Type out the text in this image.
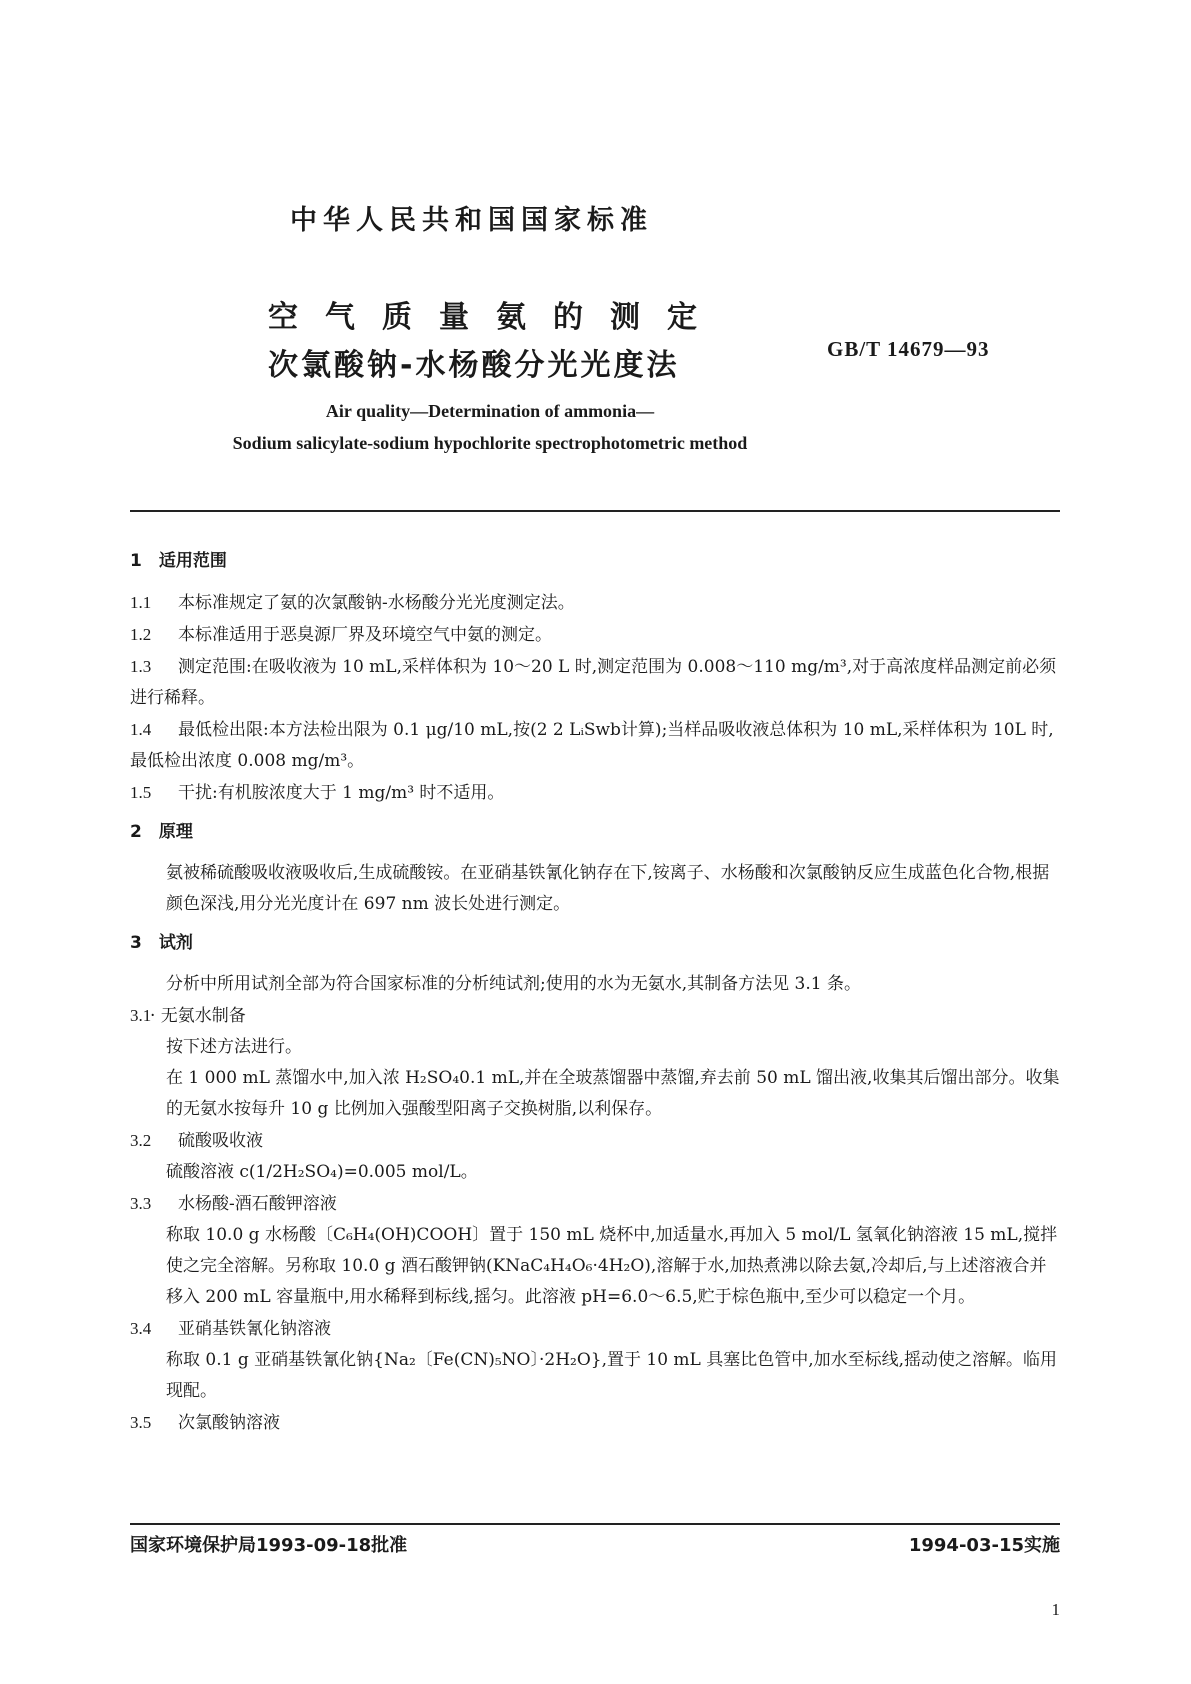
中华人民共和国国家标准
空气质量氨的测定
次氯酸钠-水杨酸分光光度法	GB/T 14679—93
Air quality—Determination of ammonia—
Sodium salicylate-sodium hypochlorite spectrophotometric method

1　适用范围

1.1 本标准规定了氨的次氯酸钠-水杨酸分光光度测定法。

1.2 本标准适用于恶臭源厂界及环境空气中氨的测定。

1.3 测定范围:在吸收液为 10 mL,采样体积为 10～20 L 时,测定范围为 0.008～110 mg/m³,对于高浓度样品测定前必须进行稀释。

1.4 最低检出限:本方法检出限为 0.1 μg/10 mL,按(2 2 LᵢSwb计算);当样品吸收液总体积为 10 mL,采样体积为 10L 时,最低检出浓度 0.008 mg/m³。

1.5 干扰:有机胺浓度大于 1 mg/m³ 时不适用。

2　原理

氨被稀硫酸吸收液吸收后,生成硫酸铵。在亚硝基铁氰化钠存在下,铵离子、水杨酸和次氯酸钠反应生成蓝色化合物,根据颜色深浅,用分光光度计在 697 nm 波长处进行测定。

3　试剂

分析中所用试剂全部为符合国家标准的分析纯试剂;使用的水为无氨水,其制备方法见 3.1 条。

3.1· 无氨水制备

按下述方法进行。

在 1 000 mL 蒸馏水中,加入浓 H₂SO₄0.1 mL,并在全玻蒸馏器中蒸馏,弃去前 50 mL 馏出液,收集其后馏出部分。收集的无氨水按每升 10 g 比例加入强酸型阳离子交换树脂,以利保存。

3.2 硫酸吸收液

硫酸溶液 c(1/2H₂SO₄)=0.005 mol/L。

3.3 水杨酸-酒石酸钾溶液

称取 10.0 g 水杨酸〔C₆H₄(OH)COOH〕置于 150 mL 烧杯中,加适量水,再加入 5 mol/L 氢氧化钠溶液 15 mL,搅拌使之完全溶解。另称取 10.0 g 酒石酸钾钠(KNaC₄H₄O₆·4H₂O),溶解于水,加热煮沸以除去氨,冷却后,与上述溶液合并移入 200 mL 容量瓶中,用水稀释到标线,摇匀。此溶液 pH=6.0～6.5,贮于棕色瓶中,至少可以稳定一个月。

3.4 亚硝基铁氰化钠溶液

称取 0.1 g 亚硝基铁氰化钠{Na₂〔Fe(CN)₅NO〕·2H₂O},置于 10 mL 具塞比色管中,加水至标线,摇动使之溶解。临用现配。

3.5 次氯酸钠溶液

国家环境保护局1993-09-18批准	1994-03-15实施
1
